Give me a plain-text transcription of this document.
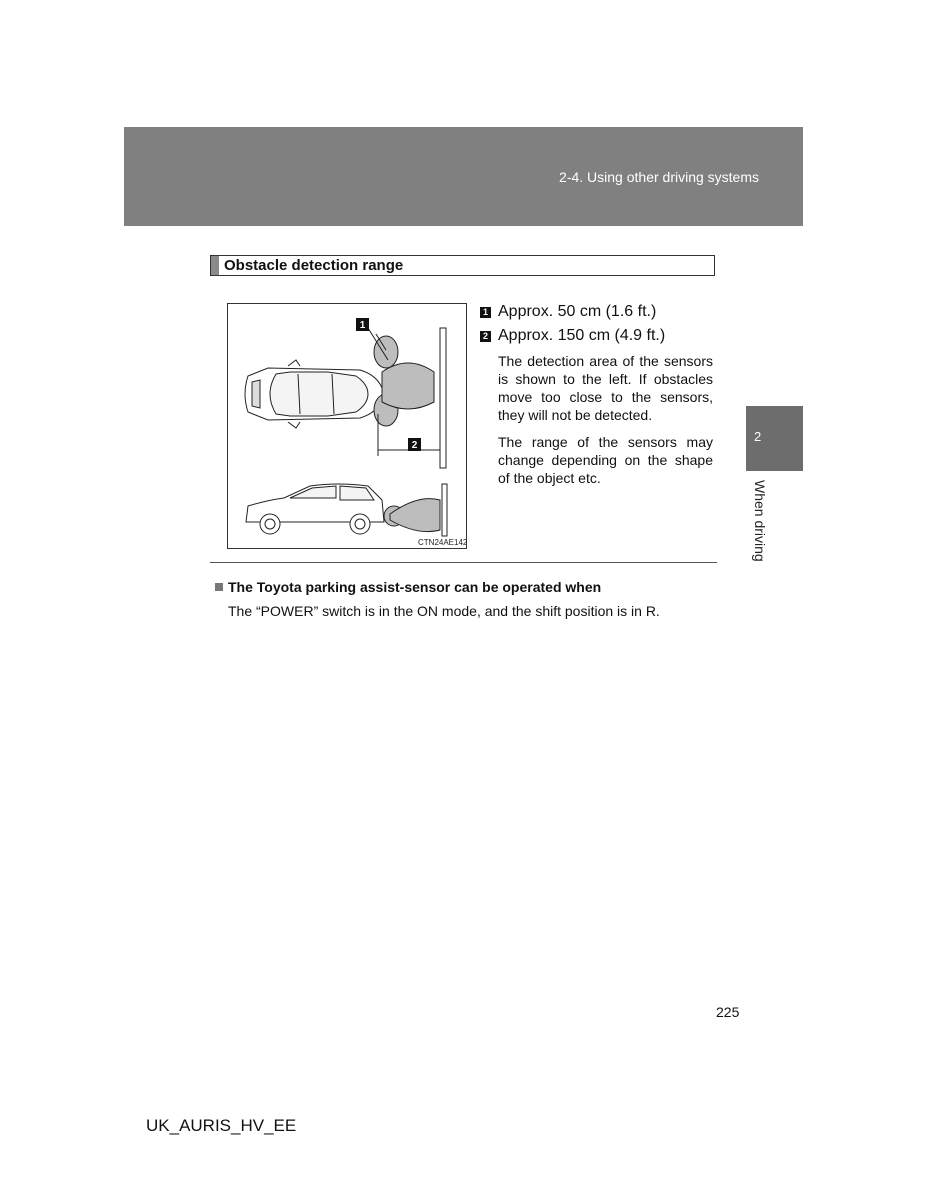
2-4. Using other driving systems
2
When driving
Obstacle detection range
1
2
CTN24AE142
1 Approx. 50 cm (1.6 ft.)
2 Approx. 150 cm (4.9 ft.)
The detection area of the sensors is shown to the left. If obstacles move too close to the sensors, they will not be detected.
The range of the sensors may change depending on the shape of the object etc.
The Toyota parking assist-sensor can be operated when
The “POWER” switch is in the ON mode, and the shift position is in R.
225
UK_AURIS_HV_EE
